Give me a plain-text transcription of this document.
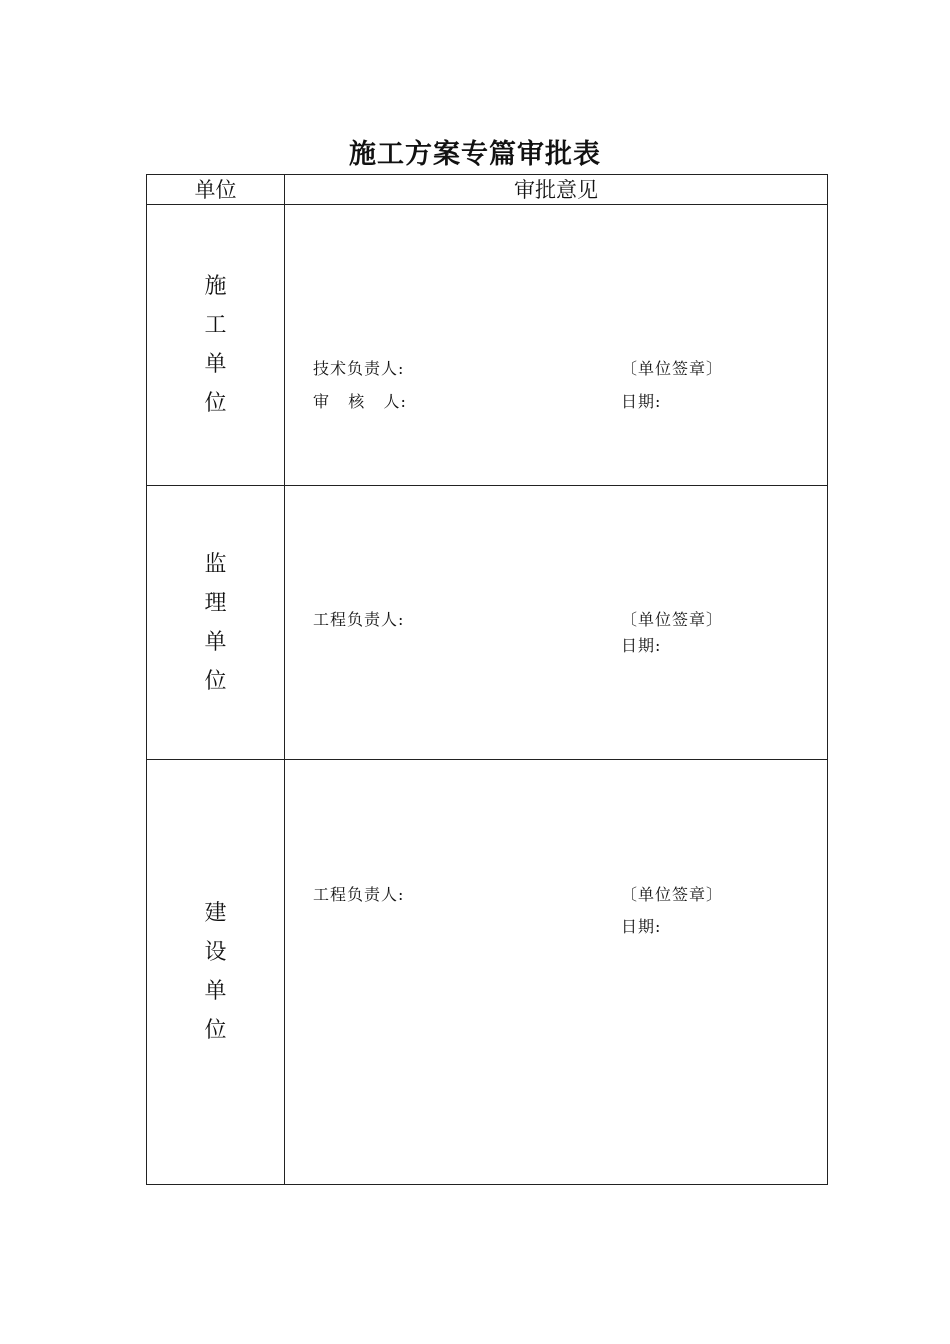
施工方案专篇审批表
单位	审批意见
施工单位	技术负责人:
审   核   人:
〔单位签章〕
日期:

监理单位	工程负责人: 〔单位签章〕
日期:

建设单位	工程负责人: 〔单位签章〕
日期:
